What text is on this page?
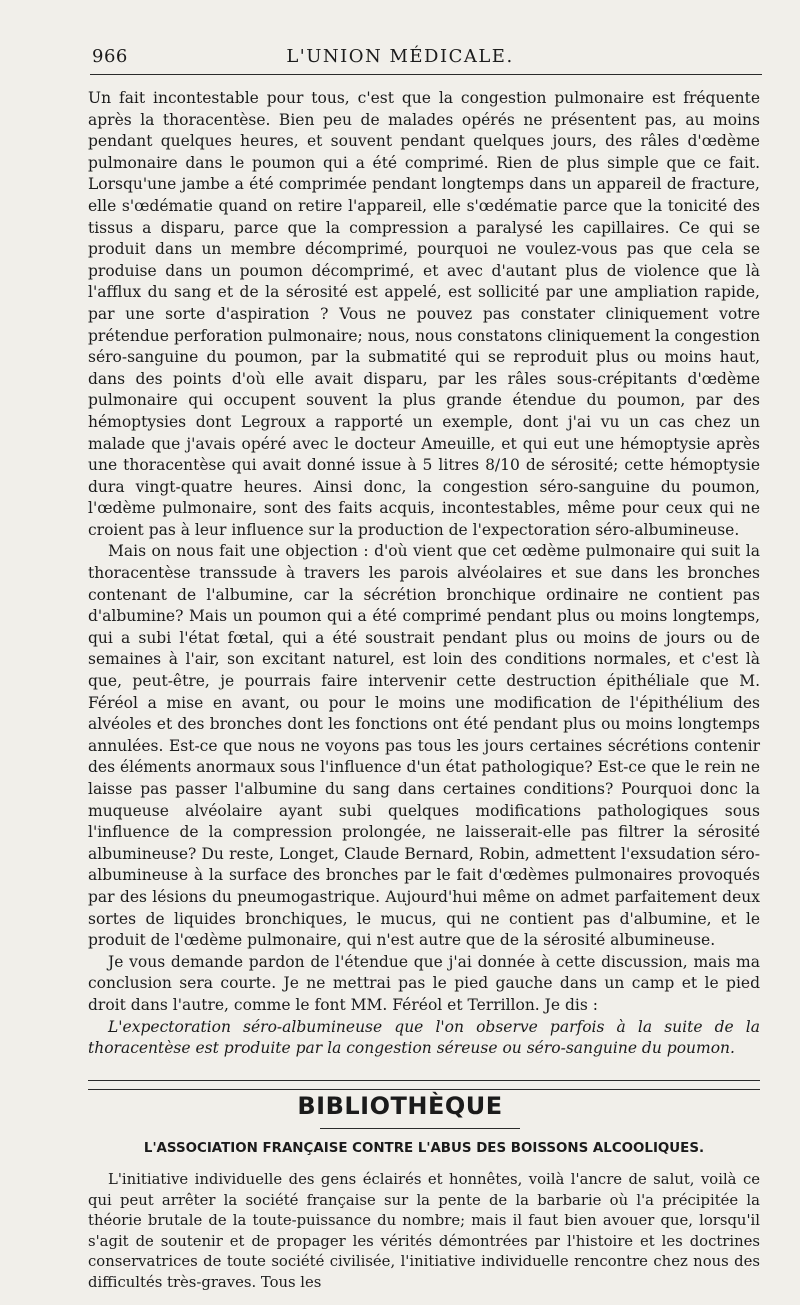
966	L'UNION MÉDICALE.

Un fait incontestable pour tous, c'est que la congestion pulmonaire est fréquente après la thoracentèse. Bien peu de malades opérés ne présentent pas, au moins pendant quelques heures, et souvent pendant quelques jours, des râles d'œdème pulmonaire dans le poumon qui a été comprimé. Rien de plus simple que ce fait. Lorsqu'une jambe a été comprimée pendant longtemps dans un appareil de fracture, elle s'œdématie quand on retire l'appareil, elle s'œdématie parce que la tonicité des tissus a disparu, parce que la compression a paralysé les capillaires. Ce qui se produit dans un membre décomprimé, pourquoi ne voulez-vous pas que cela se produise dans un poumon décomprimé, et avec d'autant plus de violence que là l'afflux du sang et de la sérosité est appelé, est sollicité par une ampliation rapide, par une sorte d'aspiration ? Vous ne pouvez pas constater cliniquement votre prétendue perforation pulmonaire; nous, nous constatons cliniquement la congestion séro-sanguine du poumon, par la submatité qui se reproduit plus ou moins haut, dans des points d'où elle avait disparu, par les râles sous-crépitants d'œdème pulmonaire qui occupent souvent la plus grande étendue du poumon, par des hémoptysies dont Legroux a rapporté un exemple, dont j'ai vu un cas chez un malade que j'avais opéré avec le docteur Ameuille, et qui eut une hémoptysie après une thoracentèse qui avait donné issue à 5 litres 8/10 de sérosité; cette hémoptysie dura vingt-quatre heures. Ainsi donc, la congestion séro-sanguine du poumon, l'œdème pulmonaire, sont des faits acquis, incontestables, même pour ceux qui ne croient pas à leur influence sur la production de l'expectoration séro-albumineuse.

Mais on nous fait une objection : d'où vient que cet œdème pulmonaire qui suit la thoracentèse transsude à travers les parois alvéolaires et sue dans les bronches contenant de l'albumine, car la sécrétion bronchique ordinaire ne contient pas d'albumine? Mais un poumon qui a été comprimé pendant plus ou moins longtemps, qui a subi l'état fœtal, qui a été soustrait pendant plus ou moins de jours ou de semaines à l'air, son excitant naturel, est loin des conditions normales, et c'est là que, peut-être, je pourrais faire intervenir cette destruction épithéliale que M. Féréol a mise en avant, ou pour le moins une modification de l'épithélium des alvéoles et des bronches dont les fonctions ont été pendant plus ou moins longtemps annulées. Est-ce que nous ne voyons pas tous les jours certaines sécrétions contenir des éléments anormaux sous l'influence d'un état pathologique? Est-ce que le rein ne laisse pas passer l'albumine du sang dans certaines conditions? Pourquoi donc la muqueuse alvéolaire ayant subi quelques modifications pathologiques sous l'influence de la compression prolongée, ne laisserait-elle pas filtrer la sérosité albumineuse? Du reste, Longet, Claude Bernard, Robin, admettent l'exsudation séro-albumineuse à la surface des bronches par le fait d'œdèmes pulmonaires provoqués par des lésions du pneumogastrique. Aujourd'hui même on admet parfaitement deux sortes de liquides bronchiques, le mucus, qui ne contient pas d'albumine, et le produit de l'œdème pulmonaire, qui n'est autre que de la sérosité albumineuse.

Je vous demande pardon de l'étendue que j'ai donnée à cette discussion, mais ma conclusion sera courte. Je ne mettrai pas le pied gauche dans un camp et le pied droit dans l'autre, comme le font MM. Féréol et Terrillon. Je dis :

L'expectoration séro-albumineuse que l'on observe parfois à la suite de la thoracentèse est produite par la congestion séreuse ou séro-sanguine du poumon.

BIBLIOTHÈQUE
L'ASSOCIATION FRANÇAISE CONTRE L'ABUS DES BOISSONS ALCOOLIQUES.

L'initiative individuelle des gens éclairés et honnêtes, voilà l'ancre de salut, voilà ce qui peut arrêter la société française sur la pente de la barbarie où l'a précipitée la théorie brutale de la toute-puissance du nombre; mais il faut bien avouer que, lorsqu'il s'agit de soutenir et de propager les vérités démontrées par l'histoire et les doctrines conservatrices de toute société civilisée, l'initiative individuelle rencontre chez nous des difficultés très-graves. Tous les
